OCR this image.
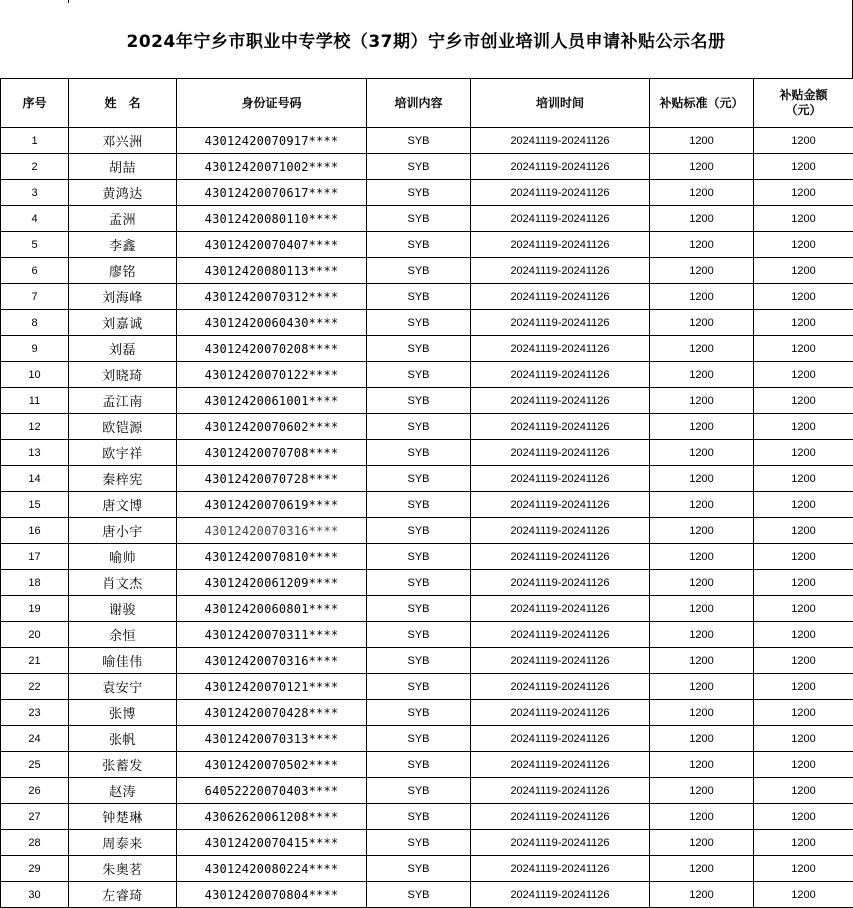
2024年宁乡市职业中专学校（37期）宁乡市创业培训人员申请补贴公示名册
序号	姓　名	身份证号码	培训内容	培训时间	补贴标准（元）	补贴金额
（元）

1	邓兴洲	43012420070917****	SYB	20241119-20241126	1200	1200
2	胡喆	43012420071002****	SYB	20241119-20241126	1200	1200
3	黄鸿达	43012420070617****	SYB	20241119-20241126	1200	1200
4	孟洲	43012420080110****	SYB	20241119-20241126	1200	1200
5	李鑫	43012420070407****	SYB	20241119-20241126	1200	1200
6	廖铭	43012420080113****	SYB	20241119-20241126	1200	1200
7	刘海峰	43012420070312****	SYB	20241119-20241126	1200	1200
8	刘嘉诚	43012420060430****	SYB	20241119-20241126	1200	1200
9	刘磊	43012420070208****	SYB	20241119-20241126	1200	1200
10	刘晓琦	43012420070122****	SYB	20241119-20241126	1200	1200
11	孟江南	43012420061001****	SYB	20241119-20241126	1200	1200
12	欧铠源	43012420070602****	SYB	20241119-20241126	1200	1200
13	欧宇祥	43012420070708****	SYB	20241119-20241126	1200	1200
14	秦梓宪	43012420070728****	SYB	20241119-20241126	1200	1200
15	唐文博	43012420070619****	SYB	20241119-20241126	1200	1200
16	唐小宇	43012420070316****	SYB	20241119-20241126	1200	1200
17	喻帅	43012420070810****	SYB	20241119-20241126	1200	1200
18	肖文杰	43012420061209****	SYB	20241119-20241126	1200	1200
19	谢骏	43012420060801****	SYB	20241119-20241126	1200	1200
20	余恒	43012420070311****	SYB	20241119-20241126	1200	1200
21	喻佳伟	43012420070316****	SYB	20241119-20241126	1200	1200
22	袁安宁	43012420070121****	SYB	20241119-20241126	1200	1200
23	张博	43012420070428****	SYB	20241119-20241126	1200	1200
24	张帆	43012420070313****	SYB	20241119-20241126	1200	1200
25	张蓄发	43012420070502****	SYB	20241119-20241126	1200	1200
26	赵涛	64052220070403****	SYB	20241119-20241126	1200	1200
27	钟楚琳	43062620061208****	SYB	20241119-20241126	1200	1200
28	周泰来	43012420070415****	SYB	20241119-20241126	1200	1200
29	朱奥茗	43012420080224****	SYB	20241119-20241126	1200	1200
30	左睿琦	43012420070804****	SYB	20241119-20241126	1200	1200
